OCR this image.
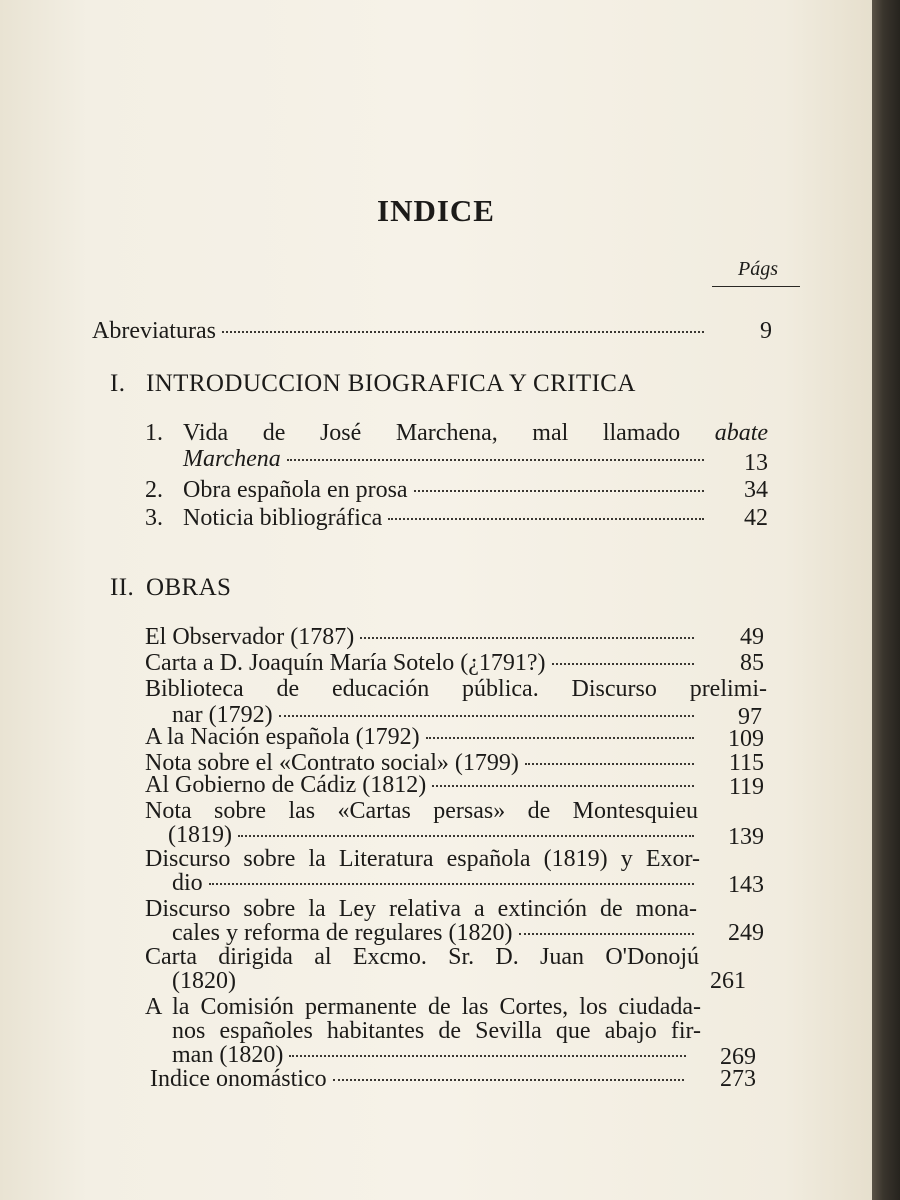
INDICE
Págs
Abreviaturas	9
I. INTRODUCCION BIOGRAFICA Y CRITICA
1. Vida de José Marchena, mal llamado abate
Marchena	13
2. Obra española en prosa	34
3. Noticia bibliográfica	42
II. OBRAS
El Observador (1787)	49
Carta a D. Joaquín María Sotelo (¿1791?)	85
Biblioteca de educación pública. Discurso prelimi-
nar (1792)	97
A la Nación española (1792)	109
Nota sobre el «Contrato social» (1799)	115
Al Gobierno de Cádiz (1812)	119
Nota sobre las «Cartas persas» de Montesquieu
(1819)	139
Discurso sobre la Literatura española (1819) y Exor-
dio	143
Discurso sobre la Ley relativa a extinción de mona-
cales y reforma de regulares (1820)	249
Carta dirigida al Excmo. Sr. D. Juan O'Donojú
(1820)	261
A la Comisión permanente de las Cortes, los ciudada-
nos españoles habitantes de Sevilla que abajo fir-
man (1820)	269
Indice onomástico	273
